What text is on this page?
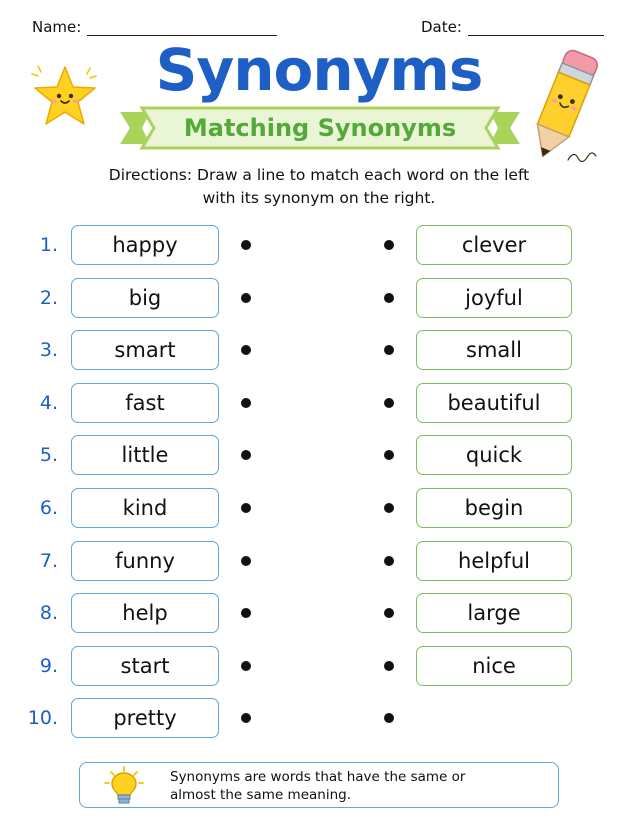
Name:	Date:
Synonyms
Matching Synonyms
Directions: Draw a line to match each word on the left
with its synonym on the right.
1.	happy	clever
2.	big	joyful
3.	smart	small
4.	fast	beautiful
5.	little	quick
6.	kind	begin
7.	funny	helpful
8.	help	large
9.	start	nice
10.	pretty
Synonyms are words that have the same or
almost the same meaning.
